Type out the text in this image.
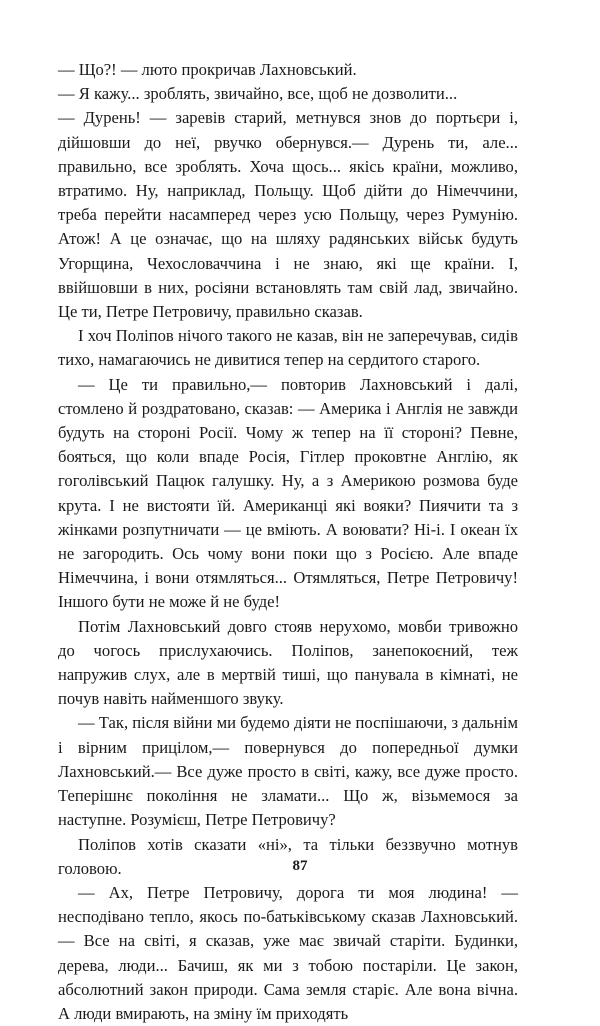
— Що?! — люто прокричав Лахновський.

— Я кажу... зроблять, звичайно, все, щоб не дозволити...

— Дурень! — заревів старий, метнувся знов до портьєри і, дійшовши до неї, рвучко обернувся.— Дурень ти, але... правильно, все зроблять. Хоча щось... якісь країни, можливо, втратимо. Ну, наприклад, Польщу. Щоб дійти до Німеччини, треба перейти насамперед через усю Польщу, через Румунію. Атож! А це означає, що на шляху радянських військ будуть Угорщина, Чехословаччина і не знаю, які ще країни. І, ввійшовши в них, росіяни встановлять там свій лад, звичайно. Це ти, Петре Петровичу, правильно сказав.

І хоч Поліпов нічого такого не казав, він не заперечував, сидів тихо, намагаючись не дивитися тепер на сердитого старого.

— Це ти правильно,— повторив Лахновський і далі, стомлено й роздратовано, сказав: — Америка і Англія не завжди будуть на стороні Росії. Чому ж тепер на її стороні? Певне, бояться, що коли впаде Росія, Гітлер проковтне Англію, як гоголівський Пацюк галушку. Ну, а з Америкою розмова буде крута. І не вистояти їй. Американці які вояки? Пиячити та з жінками розпутничати — це вміють. А воювати? Ні-і. І океан їх не загородить. Ось чому вони поки що з Росією. Але впаде Німеччина, і вони отямляться... Отямляться, Петре Петровичу! Іншого бути не може й не буде!

Потім Лахновський довго стояв нерухомо, мовби тривожно до чогось прислухаючись. Поліпов, занепокоєний, теж напружив слух, але в мертвій тиші, що панувала в кімнаті, не почув навіть найменшого звуку.

— Так, після війни ми будемо діяти не поспішаючи, з дальнім і вірним прицілом,— повернувся до попередньої думки Лахновський.— Все дуже просто в світі, кажу, все дуже просто. Теперішнє покоління не зламати... Що ж, візьмемося за наступне. Розумієш, Петре Петровичу?

Поліпов хотів сказати «ні», та тільки беззвучно мотнув головою.

— Ах, Петре Петровичу, дорога ти моя людина! — несподівано тепло, якось по-батьківському сказав Лахновський.— Все на світі, я сказав, уже має звичай старіти. Будинки, дерева, люди... Бачиш, як ми з тобою постаріли. Це закон, абсолютний закон природи. Сама земля старіє. Але вона вічна. А люди вмирають, на зміну їм приходять

87
